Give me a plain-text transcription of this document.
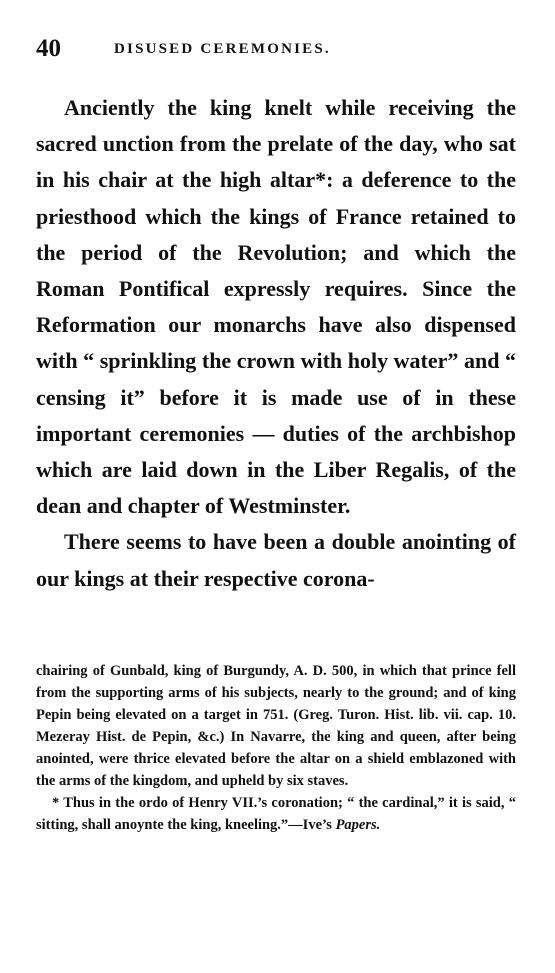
40	DISUSED CEREMONIES.

Anciently the king knelt while receiving the sacred unction from the prelate of the day, who sat in his chair at the high altar*: a deference to the priesthood which the kings of France retained to the period of the Revolution; and which the Roman Pontifical expressly requires. Since the Reformation our monarchs have also dispensed with “ sprinkling the crown with holy water” and “ censing it” before it is made use of in these important ceremonies — duties of the archbishop which are laid down in the Liber Regalis, of the dean and chapter of Westminster.

There seems to have been a double anointing of our kings at their respective corona-

chairing of Gunbald, king of Burgundy, A. D. 500, in which that prince fell from the supporting arms of his subjects, nearly to the ground; and of king Pepin being elevated on a target in 751. (Greg. Turon. Hist. lib. vii. cap. 10. Mezeray Hist. de Pepin, &c.) In Navarre, the king and queen, after being anointed, were thrice elevated before the altar on a shield emblazoned with the arms of the kingdom, and upheld by six staves.

* Thus in the ordo of Henry VII.’s coronation; “ the cardinal,” it is said, “ sitting, shall anoynte the king, kneeling.”—Ive’s Papers.
